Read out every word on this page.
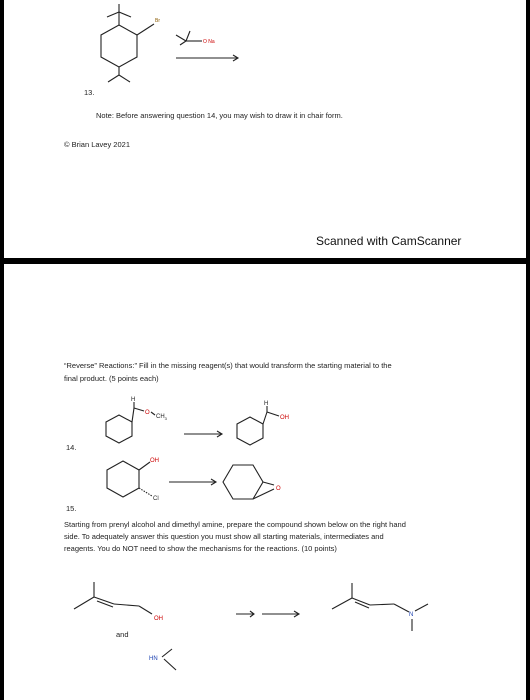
Br
O Na
13.
Note: Before answering question 14, you may wish to draw it in chair form.
© Brian Lavey 2021
Scanned with CamScanner
“Reverse” Reactions:” Fill in the missing reagent(s) that would transform the starting material to the
final product. (5 points each)
14.
15.
Starting from prenyl alcohol and dimethyl amine, prepare the compound shown below on the right hand
side. To adequately answer this question you must show all starting materials, intermediates and
reagents. You do NOT need to show the mechanisms for the reactions. (10 points)
and
H
O
$CH_3$
H
OH
OH
Cl
O
OH
HN
N
